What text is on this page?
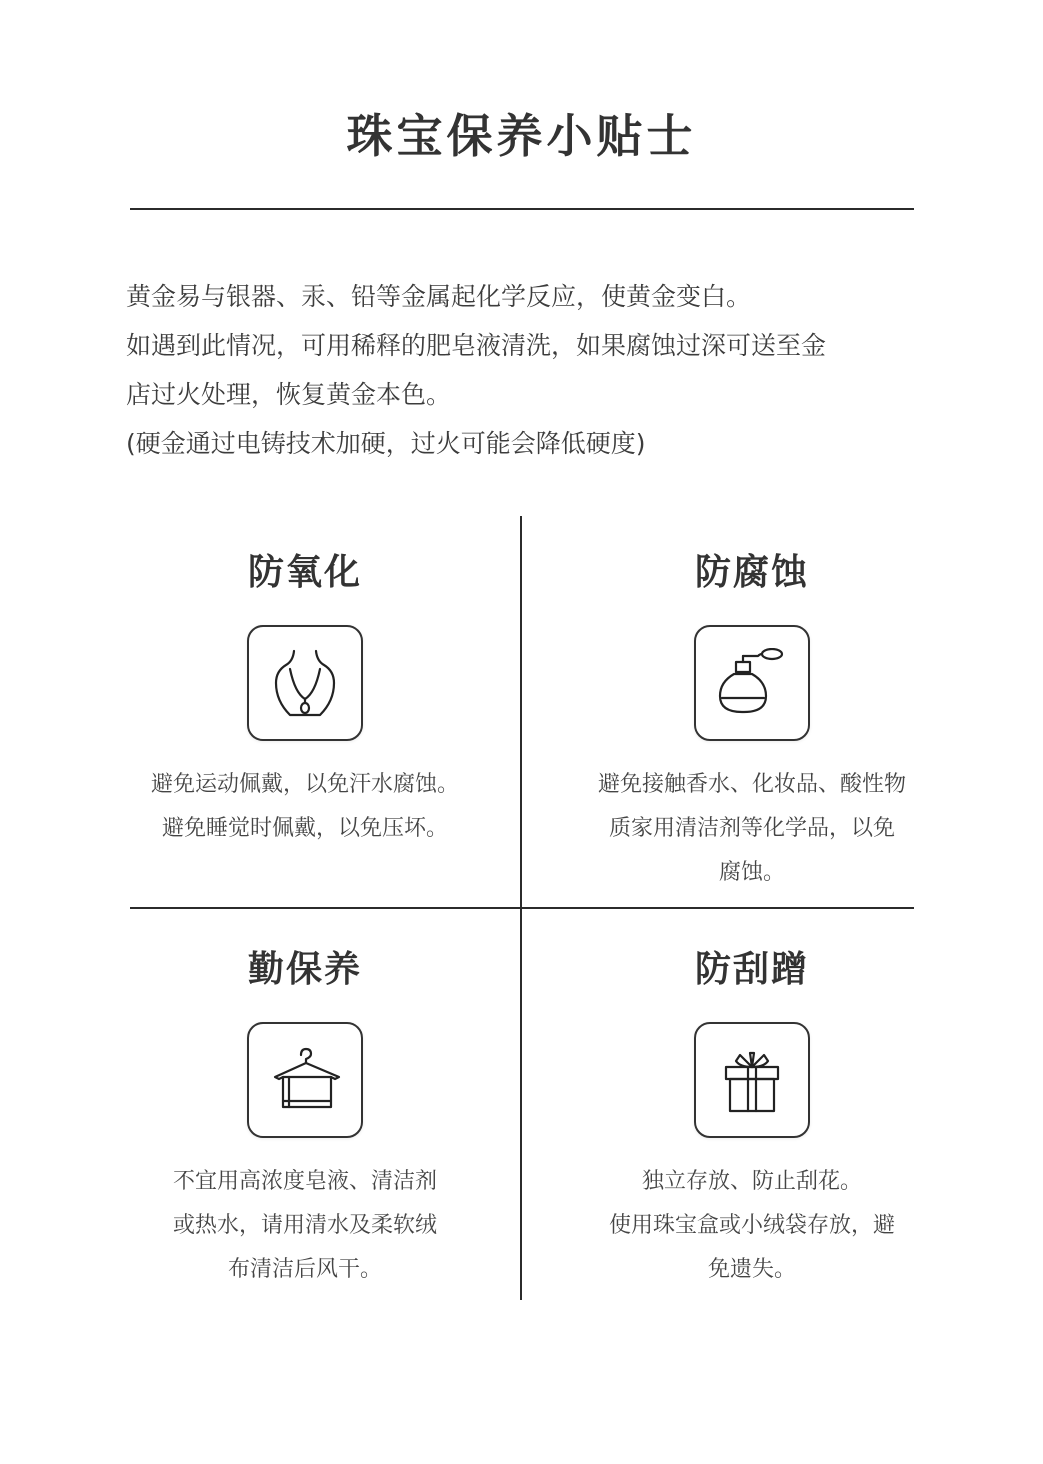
珠宝保养小贴士

黄金易与银器、汞、铅等金属起化学反应，使黄金变白。

如遇到此情况，可用稀释的肥皂液清洗，如果腐蚀过深可送至金

店过火处理，恢复黄金本色。

(硬金通过电铸技术加硬，过火可能会降低硬度)

防氧化

避免运动佩戴，以免汗水腐蚀。

避免睡觉时佩戴，以免压坏。

防腐蚀

避免接触香水、化妆品、酸性物

质家用清洁剂等化学品，以免

腐蚀。

勤保养

不宜用高浓度皂液、清洁剂

或热水，请用清水及柔软绒

布清洁后风干。

防刮蹭

独立存放、防止刮花。

使用珠宝盒或小绒袋存放，避

免遗失。
